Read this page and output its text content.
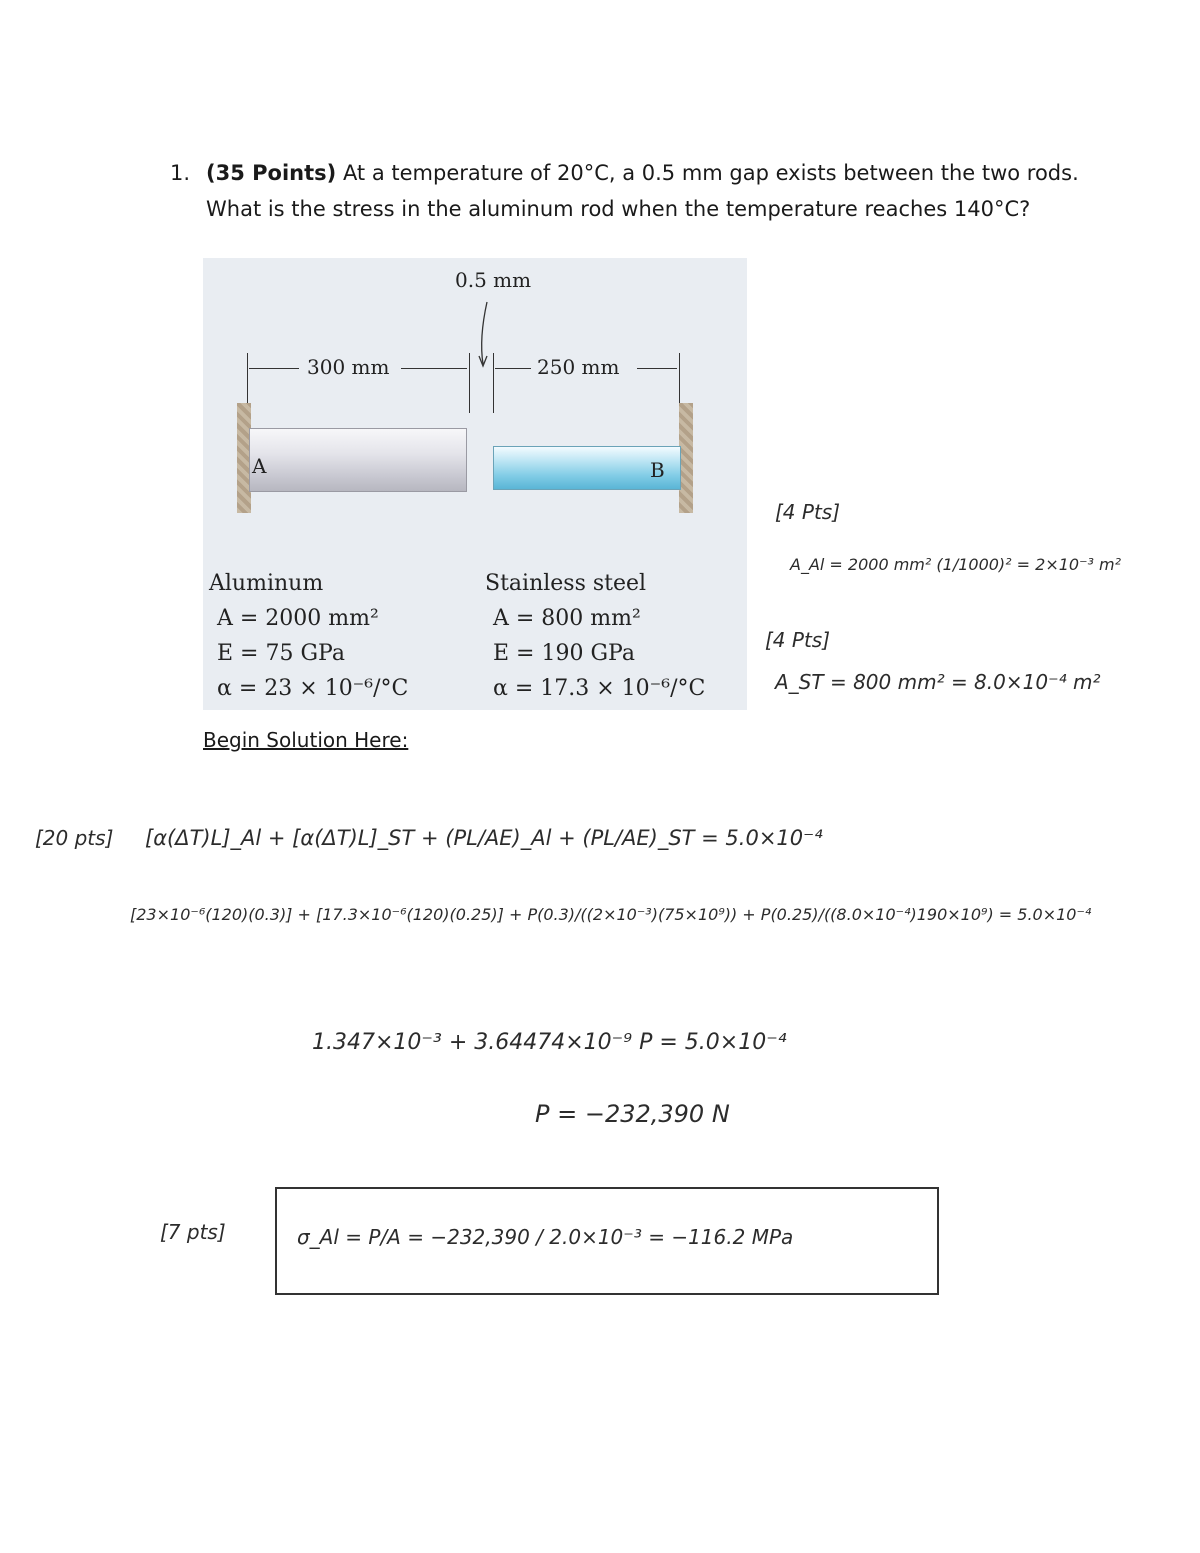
1. (35 Points) At a temperature of 20°C, a 0.5 mm gap exists between the two rods.
What is the stress in the aluminum rod when the temperature reaches 140°C?
0.5 mm
300 mm	250 mm
A	B
Aluminum
A = 2000 mm²
E = 75 GPa
α = 23 × 10⁻⁶/°C
Stainless steel
A = 800 mm²
E = 190 GPa
α = 17.3 × 10⁻⁶/°C
[4 Pts]
A_Al = 2000 mm² (1/1000)² = 2×10⁻³ m²
[4 Pts]
A_ST = 800 mm² = 8.0×10⁻⁴ m²
Begin Solution Here:
[20 pts] [α(ΔT)L]_Al + [α(ΔT)L]_ST + (PL/AE)_Al + (PL/AE)_ST = 5.0×10⁻⁴
[23×10⁻⁶(120)(0.3)] + [17.3×10⁻⁶(120)(0.25)] + P(0.3)/((2×10⁻³)(75×10⁹)) + P(0.25)/((8.0×10⁻⁴)190×10⁹) = 5.0×10⁻⁴
1.347×10⁻³ + 3.64474×10⁻⁹ P = 5.0×10⁻⁴
P = −232,390 N
[7 pts]	σ_Al = P/A = −232,390 / 2.0×10⁻³ = −116.2 MPa
